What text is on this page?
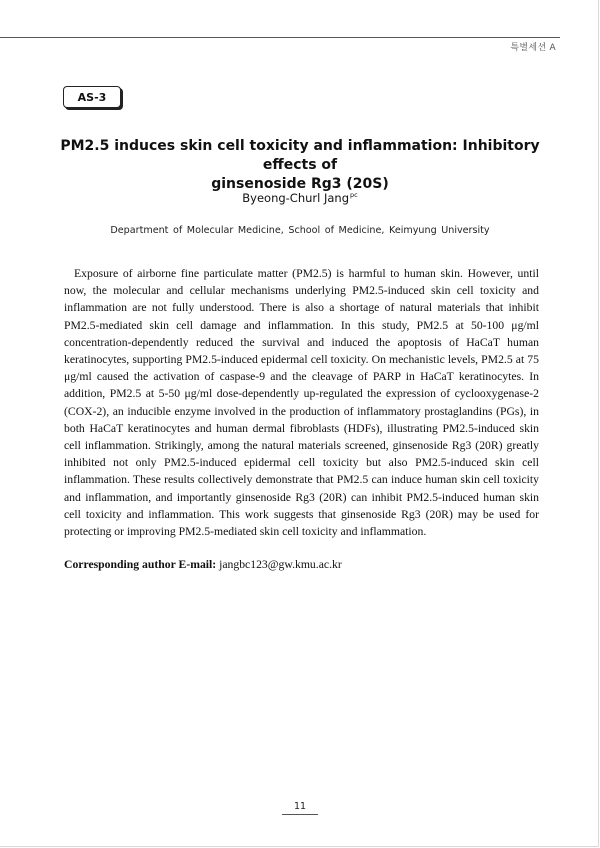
특별세션 A
AS-3
PM2.5 induces skin cell toxicity and inflammation: Inhibitory effects of
ginsenoside Rg3 (20S)
Byeong-Churl Jang$^{pc}$
Department of Molecular Medicine, School of Medicine, Keimyung University

Exposure of airborne fine particulate matter (PM2.5) is harmful to human skin. However, until now, the molecular and cellular mechanisms underlying PM2.5-induced skin cell toxicity and inflammation are not fully understood. There is also a shortage of natural materials that inhibit PM2.5-mediated skin cell damage and inflammation. In this study, PM2.5 at 50-100 μg/ml concentration-dependently reduced the survival and induced the apoptosis of HaCaT human keratinocytes, supporting PM2.5-induced epidermal cell toxicity. On mechanistic levels, PM2.5 at 75 μg/ml caused the activation of caspase-9 and the cleavage of PARP in HaCaT keratinocytes. In addition, PM2.5 at 5-50 μg/ml dose-dependently up-regulated the expression of cyclooxygenase-2 (COX-2), an inducible enzyme involved in the production of inflammatory prostaglandins (PGs), in both HaCaT keratinocytes and human dermal fibroblasts (HDFs), illustrating PM2.5-induced skin cell inflammation. Strikingly, among the natural materials screened, ginsenoside Rg3 (20R) greatly inhibited not only PM2.5-induced epidermal cell toxicity but also PM2.5-induced skin cell inflammation. These results collectively demonstrate that PM2.5 can induce human skin cell toxicity and inflammation, and importantly ginsenoside Rg3 (20R) can inhibit PM2.5-induced human skin cell toxicity and inflammation. This work suggests that ginsenoside Rg3 (20R) may be used for protecting or improving PM2.5-mediated skin cell toxicity and inflammation.

Corresponding author E-mail: jangbc123@gw.kmu.ac.kr
11
